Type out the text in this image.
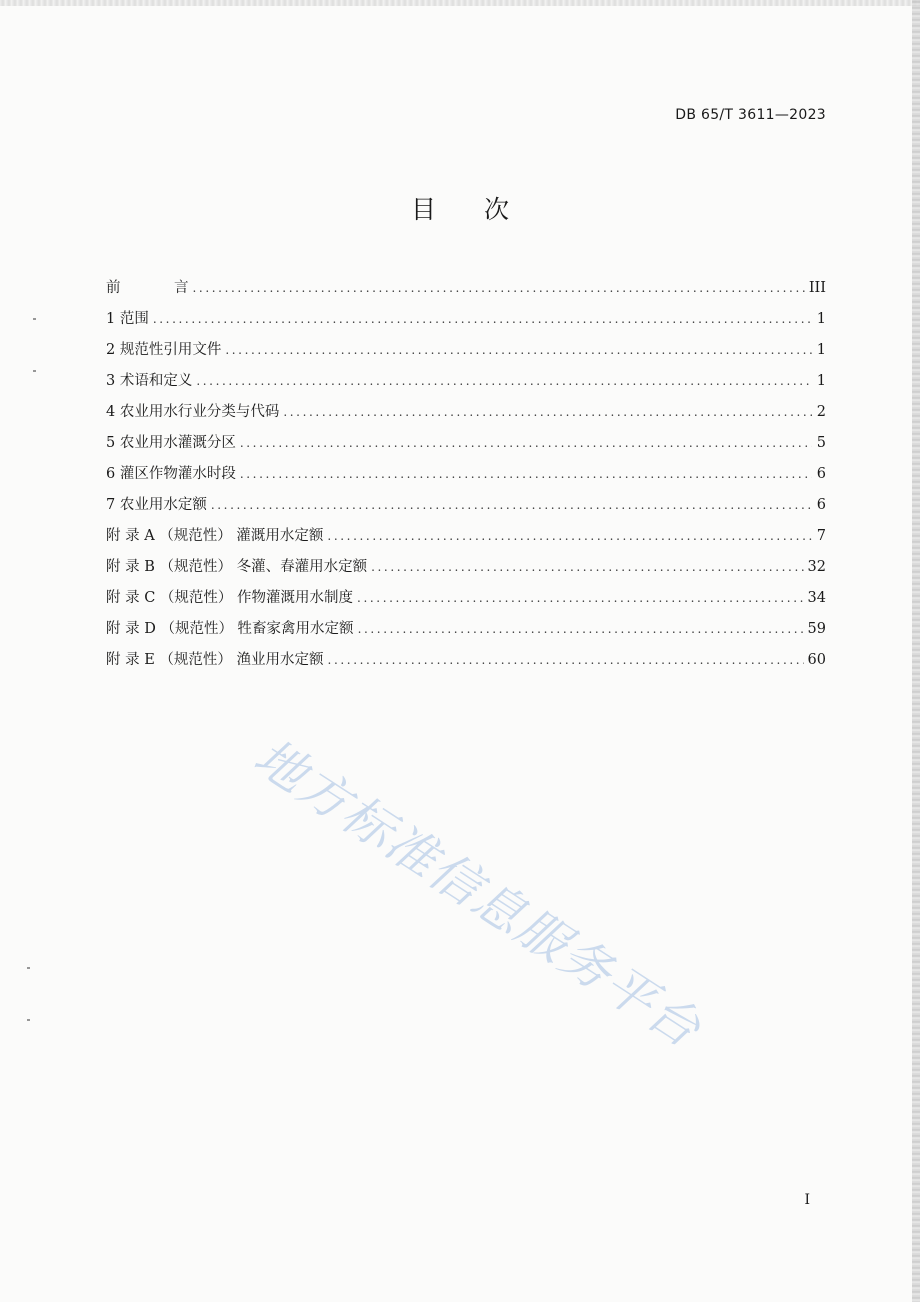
DB 65/T 3611—2023
目 次
前	言 .....	III
1 范围 .....	1
2 规范性引用文件 .....	1
3 术语和定义 .....	1
4 农业用水行业分类与代码 .....	2
5 农业用水灌溉分区 .....	5
6 灌区作物灌水时段 .....	6
7 农业用水定额 .....	6
附 录 A （规范性） 灌溉用水定额 .....	7
附 录 B （规范性） 冬灌、春灌用水定额 .....	32
附 录 C （规范性） 作物灌溉用水制度 .....	34
附 录 D （规范性） 牲畜家禽用水定额 .....	59
附 录 E （规范性） 渔业用水定额 .....	60
地方标准信息服务平台
I
